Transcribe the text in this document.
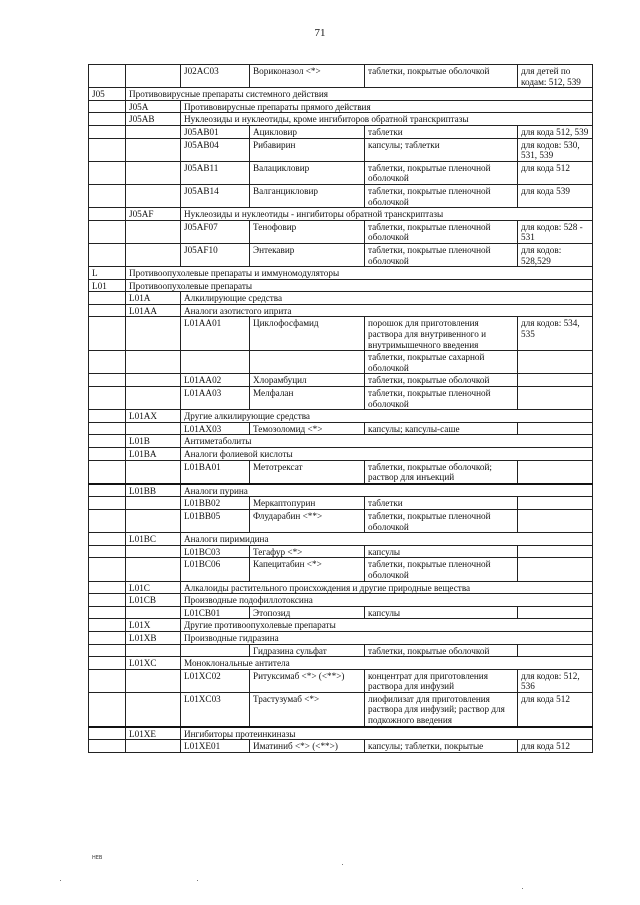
71
		J02AC03	Вориконазол <*>	таблетки, покрытые оболочкой	для детей по кодам: 512, 539
J05	Противовирусные препараты системного действия				
	J05A	Противовирусные препараты прямого действия			
	J05AB	Нуклеозиды и нуклеотиды, кроме ингибиторов обратной транскриптазы			
		J05AB01	Ацикловир	таблетки	для кода 512, 539
		J05AB04	Рибавирин	капсулы; таблетки	для кодов: 530, 531, 539
		J05AB11	Валацикловир	таблетки, покрытые пленочной оболочкой	для кода 512
		J05AB14	Валганцикловир	таблетки, покрытые пленочной оболочкой	для кода 539
	J05AF	Нуклеозиды и нуклеотиды - ингибиторы обратной транскриптазы			
		J05AF07	Тенофовир	таблетки, покрытые пленочной оболочкой	для кодов: 528 - 531
		J05AF10	Энтекавир	таблетки, покрытые пленочной оболочкой	для кодов: 528,529
L	Противоопухолевые препараты и иммуномодуляторы				
L01	Противоопухолевые препараты				
	L01A	Алкилирующие средства			
	L01AA	Аналоги азотистого иприта			
		L01AA01	Циклофосфамид	порошок для приготовления раствора для внутривенного и внутримышечного введения	для кодов: 534, 535
				таблетки, покрытые сахарной оболочкой	
		L01AA02	Хлорамбуцил	таблетки, покрытые оболочкой	
		L01AA03	Мелфалан	таблетки, покрытые пленочной оболочкой	
	L01AX	Другие алкилирующие средства			
		L01AX03	Темозоломид <*>	капсулы; капсулы-саше	
	L01B	Антиметаболиты			
	L01BA	Аналоги фолиевой кислоты			
		L01BA01	Метотрексат	таблетки, покрытые оболочкой; раствор для инъекций	
	L01BB	Аналоги пурина			
		L01BB02	Меркаптопурин	таблетки	
		L01BB05	Флударабин <**>	таблетки, покрытые пленочной оболочкой	
	L01BC	Аналоги пиримидина			
		L01BC03	Тегафур <*>	капсулы	
		L01BC06	Капецитабин <*>	таблетки, покрытые пленочной оболочкой	
	L01C	Алкалоиды растительного происхождения и другие природные вещества			
	L01CB	Производные подофиллотоксина			
		L01CB01	Этопозид	капсулы	
	L01X	Другие противоопухолевые препараты			
	L01XB	Производные гидразина			
			Гидразина сульфат	таблетки, покрытые оболочкой	
	L01XC	Моноклональные антитела			
		L01XC02	Ритуксимаб <*> (<**>)	концентрат для приготовления раствора для инфузий	для кодов: 512, 536
		L01XC03	Трастузумаб <*>	лиофилизат для приготовления раствора для инфузий; раствор для подкожного введения	для кода 512
	L01XE	Ингибиторы протеинкиназы			
		L01XE01	Иматиниб <*> (<**>)	капсулы; таблетки, покрытые	для кода 512
НЕВ
